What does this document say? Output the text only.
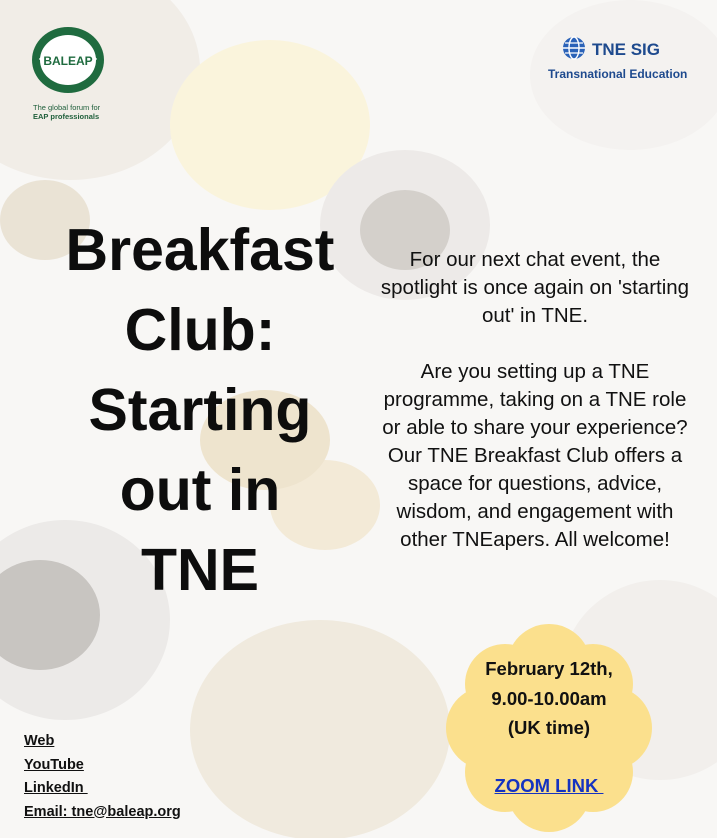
BALEAP
The global forum for
EAP professionals
TNE SIG
Transnational Education
Breakfast
Club:
Starting
out in
TNE

For our next chat event, the spotlight is once again on 'starting out' in TNE.

Are you setting up a TNE programme, taking on a TNE role or able to share your experience? Our TNE Breakfast Club offers a space for questions, advice, wisdom, and engagement with other TNEapers. All welcome!

February 12th,
9.00-10.00am
(UK time)
ZOOM LINK
Web
YouTube
LinkedIn
Email: tne@baleap.org
